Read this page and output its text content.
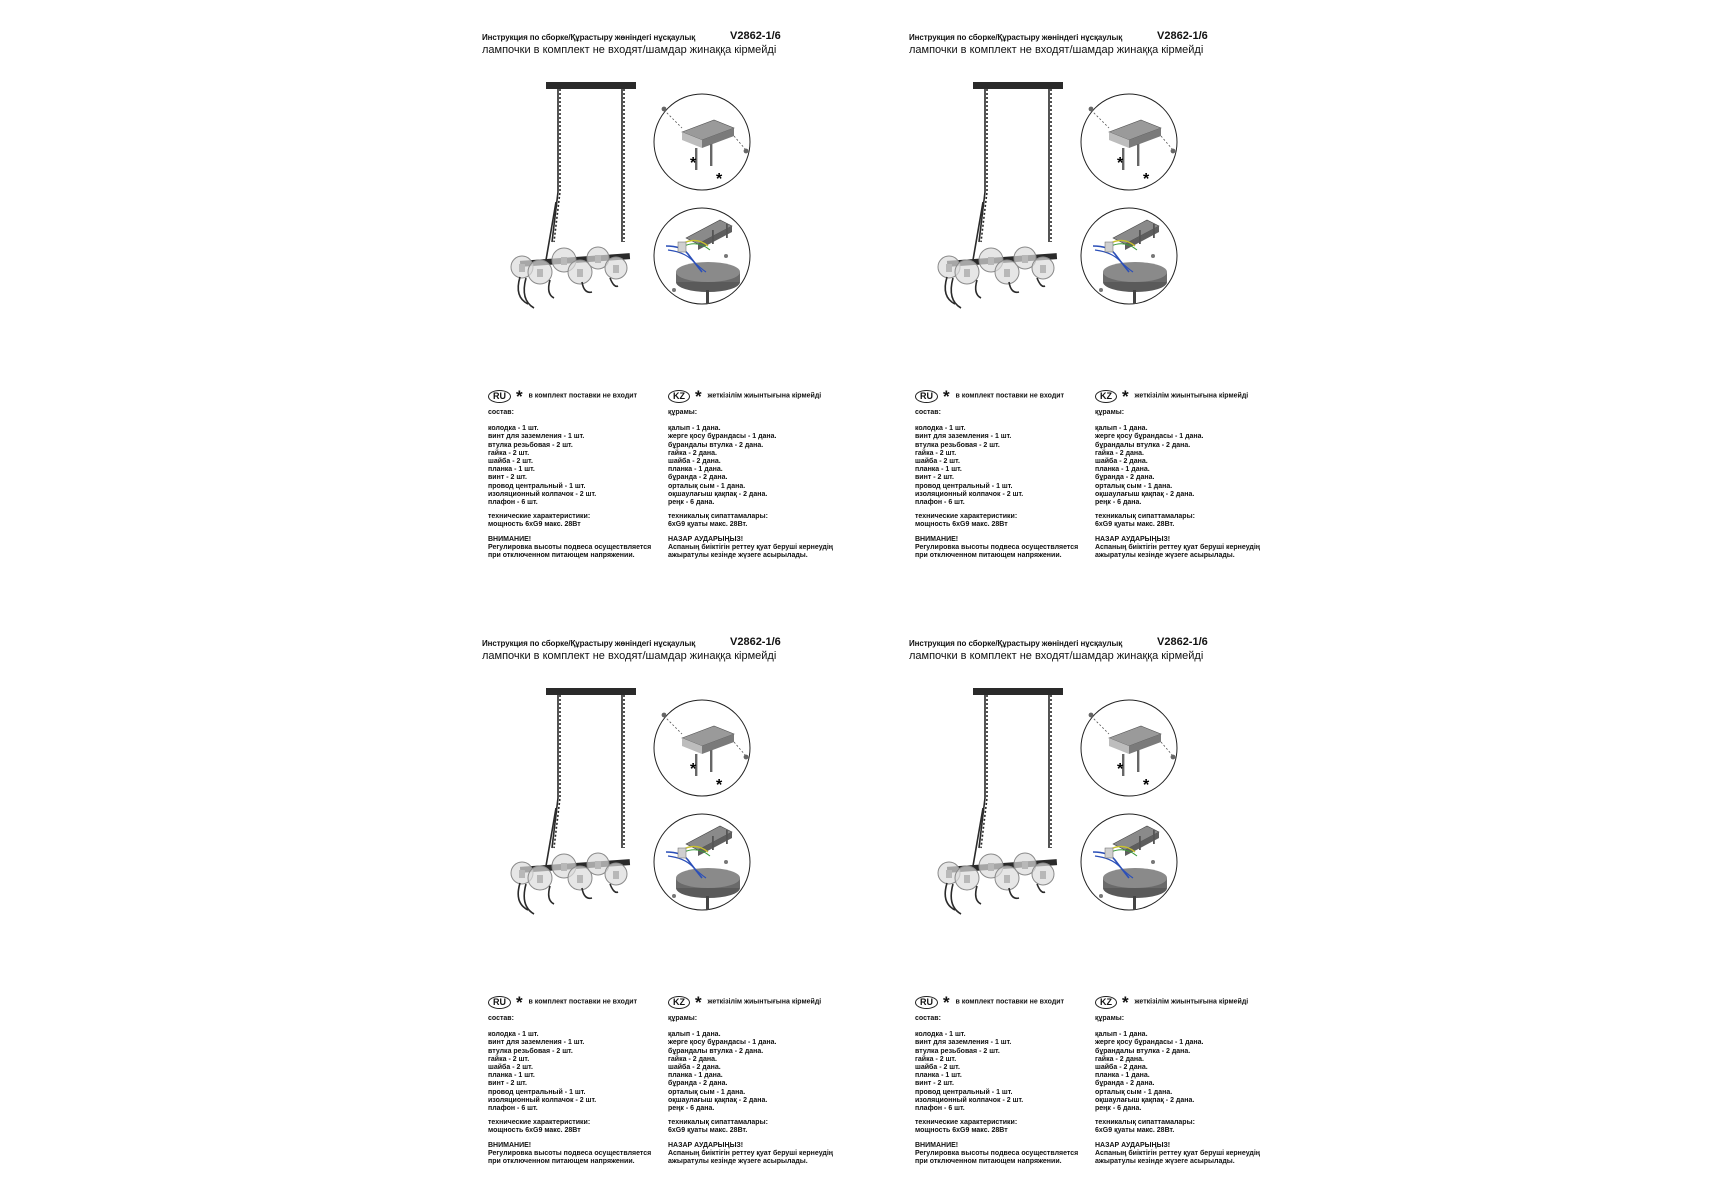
Инструкция по сборке/Құрастыру жөніндегі нұсқаулық	V2862-1/6
лампочки в комплект не входят/шамдар жинаққа кірмейді
*
*
RU * в комплект поставки не входит
состав:
колодка - 1 шт.
винт для заземления - 1 шт.
втулка резьбовая - 2 шт.
гайка - 2 шт.
шайба - 2 шт.
планка - 1 шт.
винт - 2 шт.
провод центральный - 1 шт.
изоляционный колпачок - 2 шт.
плафон - 6 шт.
технические характеристики:
мощность 6хG9 макс. 28Вт
ВНИМАНИЕ!
Регулировка высоты подвеса осуществляется
при отключенном питающем напряжении.
KZ * жеткізілім жиынтығына кірмейді
құрамы:
қалып - 1 дана.
жерге қосу бұрандасы - 1 дана.
бұрандалы втулка - 2 дана.
гайка - 2 дана.
шайба - 2 дана.
планка - 1 дана.
бұранда - 2 дана.
орталық сым - 1 дана.
оқшаулағыш қақпақ - 2 дана.
реңк - 6 дана.
техникалық сипаттамалары:
6хG9 қуаты макс. 28Вт.
НАЗАР АУДАРЫҢЫЗ!
Аспаның биіктігін реттеу қуат беруші кернеудің
ажыратулы кезінде жүзеге асырылады.
Инструкция по сборке/Құрастыру жөніндегі нұсқаулық	V2862-1/6
лампочки в комплект не входят/шамдар жинаққа кірмейді
*
*
RU * в комплект поставки не входит
состав:
колодка - 1 шт.
винт для заземления - 1 шт.
втулка резьбовая - 2 шт.
гайка - 2 шт.
шайба - 2 шт.
планка - 1 шт.
винт - 2 шт.
провод центральный - 1 шт.
изоляционный колпачок - 2 шт.
плафон - 6 шт.
технические характеристики:
мощность 6хG9 макс. 28Вт
ВНИМАНИЕ!
Регулировка высоты подвеса осуществляется
при отключенном питающем напряжении.
KZ * жеткізілім жиынтығына кірмейді
құрамы:
қалып - 1 дана.
жерге қосу бұрандасы - 1 дана.
бұрандалы втулка - 2 дана.
гайка - 2 дана.
шайба - 2 дана.
планка - 1 дана.
бұранда - 2 дана.
орталық сым - 1 дана.
оқшаулағыш қақпақ - 2 дана.
реңк - 6 дана.
техникалық сипаттамалары:
6хG9 қуаты макс. 28Вт.
НАЗАР АУДАРЫҢЫЗ!
Аспаның биіктігін реттеу қуат беруші кернеудің
ажыратулы кезінде жүзеге асырылады.
Инструкция по сборке/Құрастыру жөніндегі нұсқаулық	V2862-1/6
лампочки в комплект не входят/шамдар жинаққа кірмейді
*
*
RU * в комплект поставки не входит
состав:
колодка - 1 шт.
винт для заземления - 1 шт.
втулка резьбовая - 2 шт.
гайка - 2 шт.
шайба - 2 шт.
планка - 1 шт.
винт - 2 шт.
провод центральный - 1 шт.
изоляционный колпачок - 2 шт.
плафон - 6 шт.
технические характеристики:
мощность 6хG9 макс. 28Вт
ВНИМАНИЕ!
Регулировка высоты подвеса осуществляется
при отключенном питающем напряжении.
KZ * жеткізілім жиынтығына кірмейді
құрамы:
қалып - 1 дана.
жерге қосу бұрандасы - 1 дана.
бұрандалы втулка - 2 дана.
гайка - 2 дана.
шайба - 2 дана.
планка - 1 дана.
бұранда - 2 дана.
орталық сым - 1 дана.
оқшаулағыш қақпақ - 2 дана.
реңк - 6 дана.
техникалық сипаттамалары:
6хG9 қуаты макс. 28Вт.
НАЗАР АУДАРЫҢЫЗ!
Аспаның биіктігін реттеу қуат беруші кернеудің
ажыратулы кезінде жүзеге асырылады.
Инструкция по сборке/Құрастыру жөніндегі нұсқаулық	V2862-1/6
лампочки в комплект не входят/шамдар жинаққа кірмейді
*
*
RU * в комплект поставки не входит
состав:
колодка - 1 шт.
винт для заземления - 1 шт.
втулка резьбовая - 2 шт.
гайка - 2 шт.
шайба - 2 шт.
планка - 1 шт.
винт - 2 шт.
провод центральный - 1 шт.
изоляционный колпачок - 2 шт.
плафон - 6 шт.
технические характеристики:
мощность 6хG9 макс. 28Вт
ВНИМАНИЕ!
Регулировка высоты подвеса осуществляется
при отключенном питающем напряжении.
KZ * жеткізілім жиынтығына кірмейді
құрамы:
қалып - 1 дана.
жерге қосу бұрандасы - 1 дана.
бұрандалы втулка - 2 дана.
гайка - 2 дана.
шайба - 2 дана.
планка - 1 дана.
бұранда - 2 дана.
орталық сым - 1 дана.
оқшаулағыш қақпақ - 2 дана.
реңк - 6 дана.
техникалық сипаттамалары:
6хG9 қуаты макс. 28Вт.
НАЗАР АУДАРЫҢЫЗ!
Аспаның биіктігін реттеу қуат беруші кернеудің
ажыратулы кезінде жүзеге асырылады.
